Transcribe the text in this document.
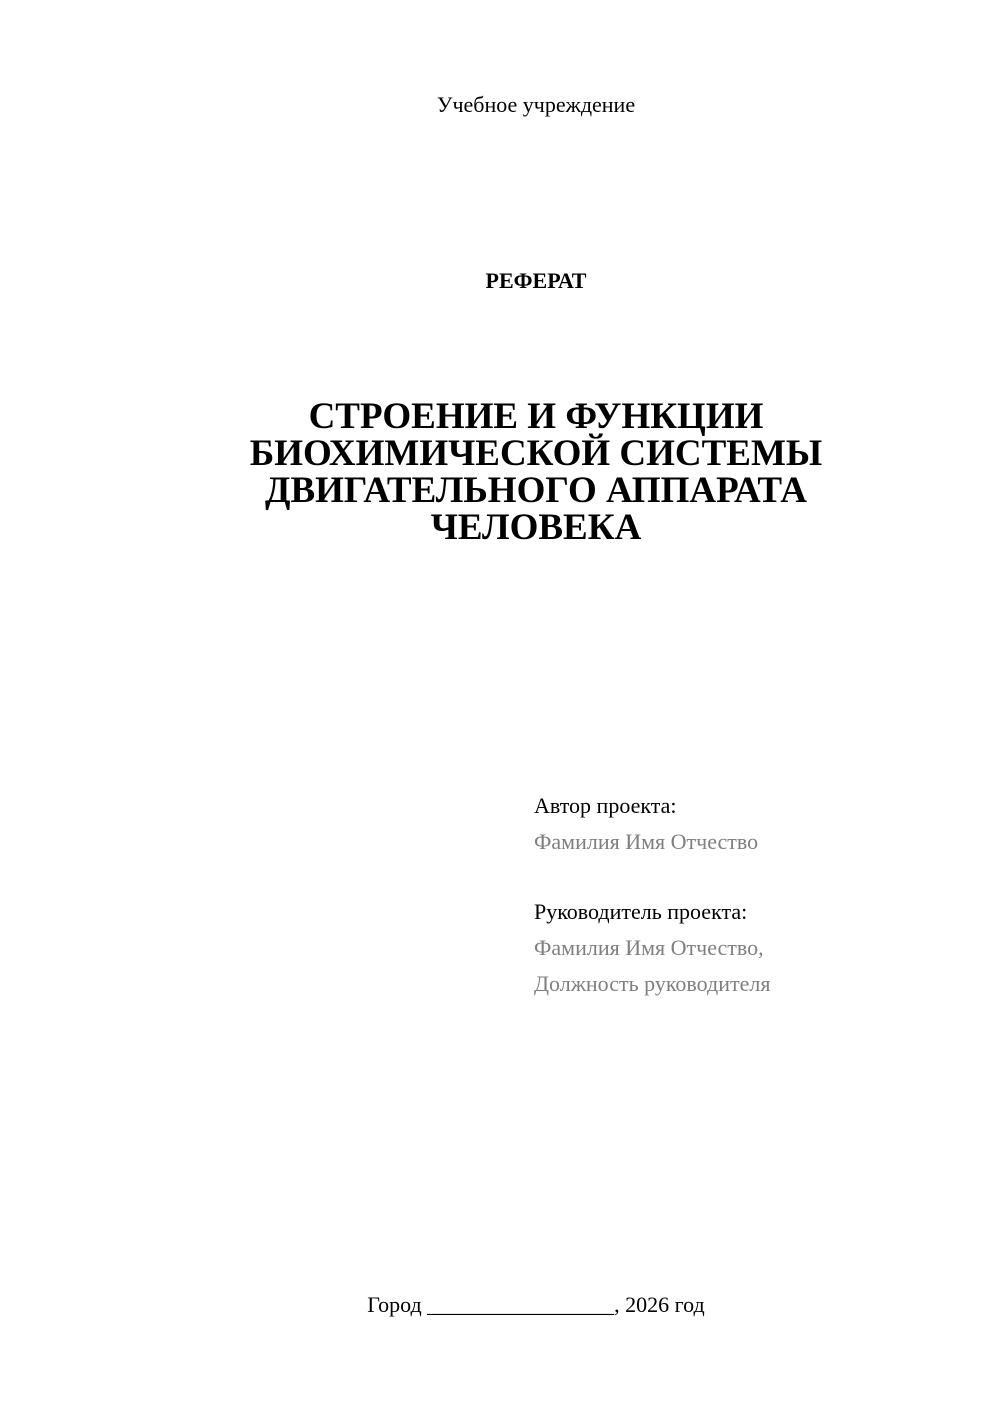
Учебное учреждение
РЕФЕРАТ
СТРОЕНИЕ И ФУНКЦИИ
БИОХИМИЧЕСКОЙ СИСТЕМЫ
ДВИГАТЕЛЬНОГО АППАРАТА
ЧЕЛОВЕКА
Автор проекта:
Фамилия Имя Отчество
Руководитель проекта:
Фамилия Имя Отчество,
Должность руководителя
Город _________________, 2026 год
